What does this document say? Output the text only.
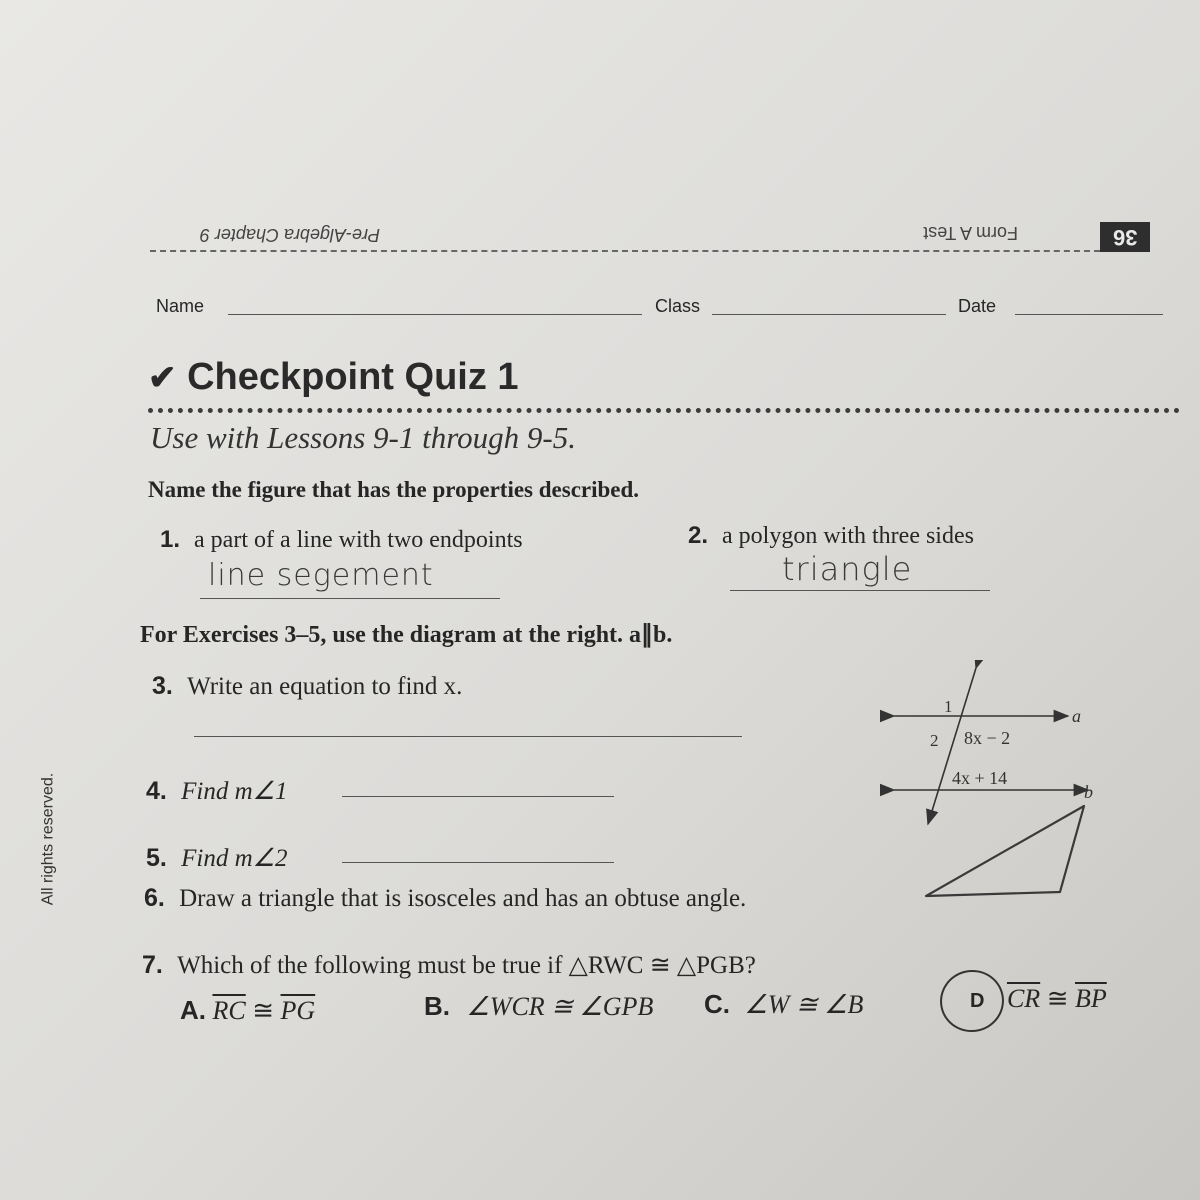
36
Form A Test
Pre-Algebra Chapter 9
Name	Class	Date
✔ Checkpoint Quiz 1
Use with Lessons 9-1 through 9-5.
Name the figure that has the properties described.
1. a part of a line with two endpoints
line segement
2. a polygon with three sides
triangle
For Exercises 3–5, use the diagram at the right. a∥b.
3. Write an equation to find x.
4. Find m∠1
5. Find m∠2
6. Draw a triangle that is isosceles and has an obtuse angle.
7. Which of the following must be true if △RWC ≅ △PGB?
A. $\overline{RC}$ ≅ $\overline{PG}$	B. ∠WCR ≅ ∠GPB C. ∠W ≅ ∠B	D $\overline{CR}$ ≅ $\overline{BP}$
1
2 8x − 2
4x + 14
a
b
All rights reserved.
